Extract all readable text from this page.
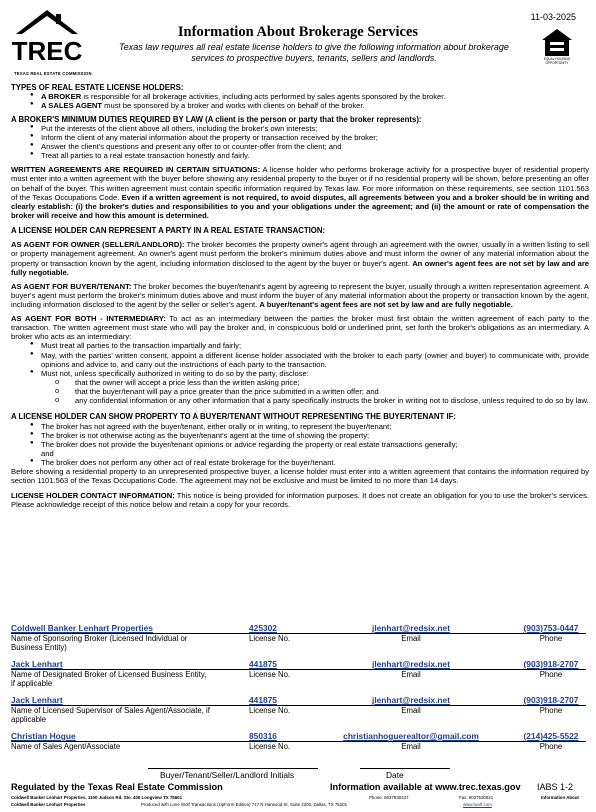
TREC
TEXAS REAL ESTATE COMMISSION
11-03-2025
EQUAL HOUSING OPPORTUNITY
Information About Brokerage Services
Texas law requires all real estate license holders to give the following information about brokerage services to prospective buyers, tenants, sellers and landlords.
TYPES OF REAL ESTATE LICENSE HOLDERS:
● A BROKER is responsible for all brokerage activities, including acts performed by sales agents sponsored by the broker.
● A SALES AGENT must be sponsored by a broker and works with clients on behalf of the broker.
A BROKER'S MINIMUM DUTIES REQUIRED BY LAW (A client is the person or party that the broker represents):
● Put the interests of the client above all others, including the broker's own interests;
● Inform the client of any material information about the property or transaction received by the broker;
● Answer the client's questions and present any offer to or counter-offer from the client; and
● Treat all parties to a real estate transaction honestly and fairly.

WRITTEN AGREEMENTS ARE REQUIRED IN CERTAIN SITUATIONS: A license holder who performs brokerage activity for a prospective buyer of residential property must enter into a written agreement with the buyer before showing any residential property to the buyer or if no residential property will be shown, before presenting an offer on behalf of the buyer. This written agreement must contain specific information required by Texas law. For more information on these requirements, see section 1101.563 of the Texas Occupations Code. Even if a written agreement is not required, to avoid disputes, all agreements between you and a broker should be in writing and clearly establish: (i) the broker's duties and responsibilities to you and your obligations under the agreement; and (ii) the amount or rate of compensation the broker will receive and how this amount is determined.

A LICENSE HOLDER CAN REPRESENT A PARTY IN A REAL ESTATE TRANSACTION:

AS AGENT FOR OWNER (SELLER/LANDLORD): The broker becomes the property owner's agent through an agreement with the owner, usually in a written listing to sell or property management agreement. An owner's agent must perform the broker's minimum duties above and must inform the owner of any material information about the property or transaction known by the agent, including information disclosed to the agent by the buyer or buyer's agent. An owner's agent fees are not set by law and are fully negotiable.

AS AGENT FOR BUYER/TENANT: The broker becomes the buyer/tenant's agent by agreeing to represent the buyer, usually through a written representation agreement. A buyer's agent must perform the broker's minimum duties above and must inform the buyer of any material information about the property or transaction known by the agent, including information disclosed to the agent by the seller or seller's agent. A buyer/tenant's agent fees are not set by law and are fully negotiable.

AS AGENT FOR BOTH - INTERMEDIARY: To act as an intermediary between the parties the broker must first obtain the written agreement of each party to the transaction. The written agreement must state who will pay the broker and, in conspicuous bold or underlined print, set forth the broker's obligations as an intermediary. A broker who acts as an intermediary:

● Must treat all parties to the transaction impartially and fairly;
● May, with the parties' written consent, appoint a different license holder associated with the broker to each party (owner and buyer) to communicate with, provide opinions and advice to, and carry out the instructions of each party to the transaction.
● Must not, unless specifically authorized in writing to do so by the party, disclose:
o that the owner will accept a price less than the written asking price;
o that the buyer/tenant will pay a price greater than the price submitted in a written offer; and
o any confidential information or any other information that a party specifically instructs the broker in writing not to disclose, unless required to do so by law.
A LICENSE HOLDER CAN SHOW PROPERTY TO A BUYER/TENANT WITHOUT REPRESENTING THE BUYER/TENANT IF:
● The broker has not agreed with the buyer/tenant, either orally or in writing, to represent the buyer/tenant;
● The broker is not otherwise acting as the buyer/tenant's agent at the time of showing the property;
● The broker does not provide the buyer/tenant opinions or advice regarding the property or real estate transactions generally;
and
● The broker does not perform any other act of real estate brokerage for the buyer/tenant.

Before showing a residential property to an unrepresented prospective buyer, a license holder must enter into a written agreement that contains the information required by section 1101.563 of the Texas Occupations Code. The agreement may not be exclusive and must be limited to no more than 14 days.

LICENSE HOLDER CONTACT INFORMATION: This notice is being provided for information purposes. It does not create an obligation for you to use the broker's services. Please acknowledge receipt of this notice below and retain a copy for your records.

Coldwell Banker Lenhart Properties	425302	jlenhart@redsix.net	(903)753-0447
Name of Sponsoring Broker (Licensed Individual or Business Entity)
License No.	Email	Phone
Jack Lenhart	441875	jlenhart@redsix.net	(903)918-2707
Name of Designated Broker of Licensed Business Entity, if applicable
License No.	Email	Phone
Jack Lenhart	441875	jlenhart@redsix.net	(903)918-2707
Name of Licensed Supervisor of Sales Agent/Associate, if applicable
License No.	Email	Phone
Christian Hogue	850316	christianhoguerealtor@gmail.com	(214)425-5522
Name of Sales Agent/Associate	License No.	Email	Phone
Buyer/Tenant/Seller/Landlord Initials	Date
Regulated by the Texas Real Estate Commission	Information available at www.trec.texas.gov IABS 1-2
Coldwell Banker Lenhart Properties, 1100 Judson Rd. Ste. 400 Longview TX 75601	Phone: 9037530447	Fax: 9037530921	Information About
Coldwell Banker Lenhart Properties	Produced with Lone Wolf Transactions (zipForm Edition) 717 N Harwood St, Suite 2200, Dallas, TX 75201	www.lwolf.com
